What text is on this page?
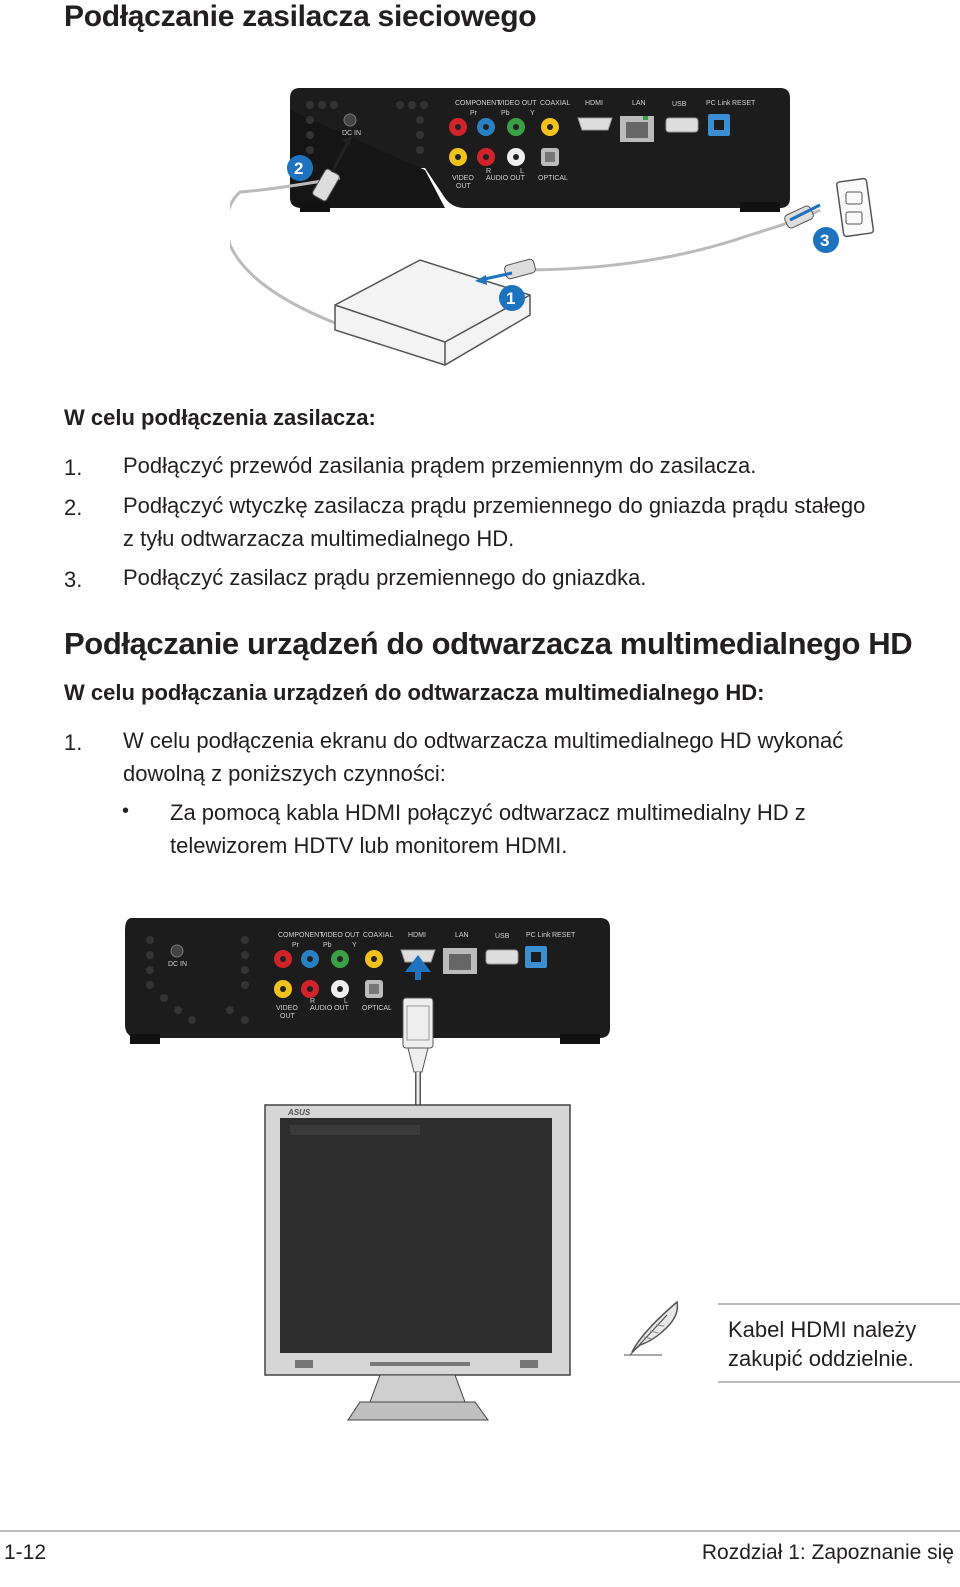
Podłączanie zasilacza sieciowego
DC IN
COMPONENT
VIDEO OUT COAXIAL HDMI	LAN	USB	PC Link RESET
Pr	Pb	Y
VIDEO
OUT
R	L
AUDIO OUT OPTICAL
2
1
3
W celu podłączenia zasilacza:
1. Podłączyć przewód zasilania prądem przemiennym do zasilacza.
2. Podłączyć wtyczkę zasilacza prądu przemiennego do gniazda prądu stałego
z tyłu odtwarzacza multimedialnego HD.
3. Podłączyć zasilacz prądu przemiennego do gniazdka.
Podłączanie urządzeń do odtwarzacza multimedialnego HD
W celu podłączania urządzeń do odtwarzacza multimedialnego HD:
1. W celu podłączenia ekranu do odtwarzacza multimedialnego HD wykonać
dowolną z poniższych czynności:
• Za pomocą kabla HDMI połączyć odtwarzacz multimedialny HD z
telewizorem HDTV lub monitorem HDMI.
DC IN
COMPONENT
VIDEO OUT COAXIAL HDMI	LAN	USB PC Link RESET
Pr	Pb	Y
VIDEO
OUT
R	L
AUDIO OUT OPTICAL
ASUS
Kabel HDMI należy
zakupić oddzielnie.
1-12	Rozdział 1: Zapoznanie się
